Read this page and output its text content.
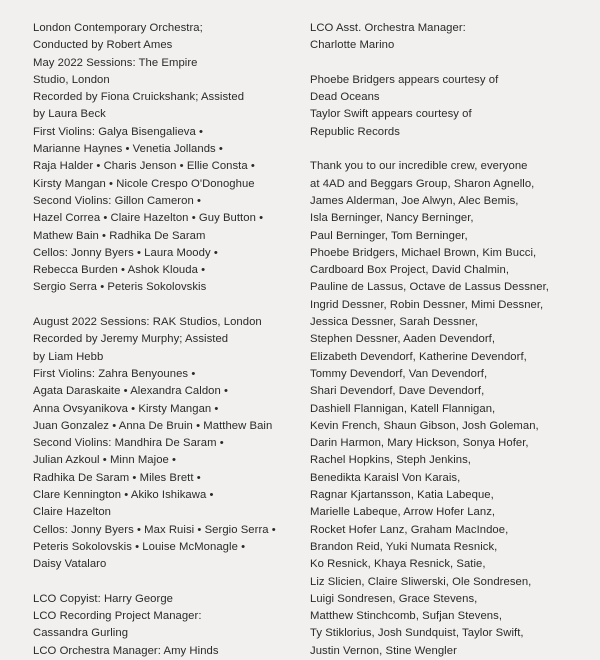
London Contemporary Orchestra;
Conducted by Robert Ames
May 2022 Sessions: The Empire
Studio, London
Recorded by Fiona Cruickshank; Assisted
by Laura Beck
First Violins: Galya Bisengalieva •
Marianne Haynes • Venetia Jollands •
Raja Halder • Charis Jenson • Ellie Consta •
Kirsty Mangan • Nicole Crespo O'Donoghue
Second Violins: Gillon Cameron •
Hazel Correa • Claire Hazelton • Guy Button •
Mathew Bain • Radhika De Saram
Cellos: Jonny Byers • Laura Moody •
Rebecca Burden • Ashok Klouda •
Sergio Serra • Peteris Sokolovskis
August 2022 Sessions: RAK Studios, London
Recorded by Jeremy Murphy; Assisted
by Liam Hebb
First Violins: Zahra Benyounes •
Agata Daraskaite • Alexandra Caldon •
Anna Ovsyanikova • Kirsty Mangan •
Juan Gonzalez • Anna De Bruin • Matthew Bain
Second Violins: Mandhira De Saram •
Julian Azkoul • Minn Majoe •
Radhika De Saram • Miles Brett •
Clare Kennington • Akiko Ishikawa •
Claire Hazelton
Cellos: Jonny Byers • Max Ruisi • Sergio Serra •
Peteris Sokolovskis • Louise McMonagle •
Daisy Vatalaro
LCO Copyist: Harry George
LCO Recording Project Manager:
Cassandra Gurling
LCO Orchestra Manager: Amy Hinds
LCO Asst. Orchestra Manager:
Charlotte Marino
Phoebe Bridgers appears courtesy of
Dead Oceans
Taylor Swift appears courtesy of
Republic Records
Thank you to our incredible crew, everyone
at 4AD and Beggars Group, Sharon Agnello,
James Alderman, Joe Alwyn, Alec Bemis,
Isla Berninger, Nancy Berninger,
Paul Berninger, Tom Berninger,
Phoebe Bridgers, Michael Brown, Kim Bucci,
Cardboard Box Project, David Chalmin,
Pauline de Lassus, Octave de Lassus Dessner,
Ingrid Dessner, Robin Dessner, Mimi Dessner,
Jessica Dessner, Sarah Dessner,
Stephen Dessner, Aaden Devendorf,
Elizabeth Devendorf, Katherine Devendorf,
Tommy Devendorf, Van Devendorf,
Shari Devendorf, Dave Devendorf,
Dashiell Flannigan, Katell Flannigan,
Kevin French, Shaun Gibson, Josh Goleman,
Darin Harmon, Mary Hickson, Sonya Hofer,
Rachel Hopkins, Steph Jenkins,
Benedikta Karaisl Von Karais,
Ragnar Kjartansson, Katia Labeque,
Marielle Labeque, Arrow Hofer Lanz,
Rocket Hofer Lanz, Graham MacIndoe,
Brandon Reid, Yuki Numata Resnick,
Ko Resnick, Khaya Resnick, Satie,
Liz Slicien, Claire Sliwerski, Ole Sondresen,
Luigi Sondresen, Grace Stevens,
Matthew Stinchcomb, Sufjan Stevens,
Ty Stiklorius, Josh Sundquist, Taylor Swift,
Justin Vernon, Stine Wengler
